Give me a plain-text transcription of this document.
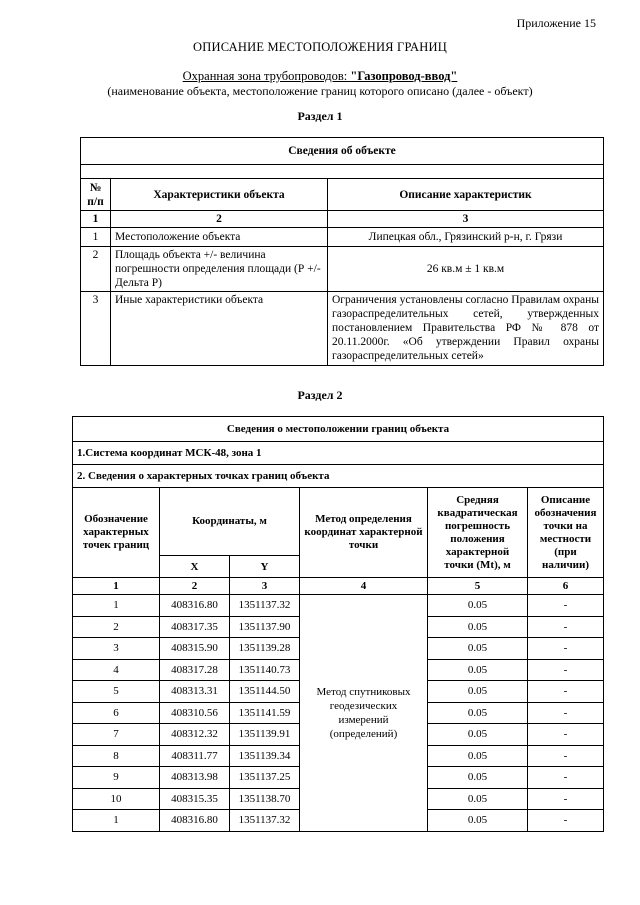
Приложение 15
ОПИСАНИЕ МЕСТОПОЛОЖЕНИЯ ГРАНИЦ
Охранная зона трубопроводов: "Газопровод-ввод"
(наименование объекта, местоположение границ которого описано (далее - объект)
Раздел 1
Сведения об объекте		

№ п/п	Характеристики объекта	Описание характеристик
1	2	3
1	Местоположение объекта	Липецкая обл., Грязинский р-н, г. Грязи
2	Площадь объекта +/- величина погрешности определения площади (Р +/- Дельта Р)	26 кв.м ± 1 кв.м
3	Иные характеристики объекта	Ограничения установлены согласно Правилам охраны газораспределительных сетей, утвержденных постановлением Правительства РФ № 878 от 20.11.2000г. «Об утверждении Правил охраны газораспределительных сетей»
Раздел 2
Сведения о местоположении границ объекта					
1.Система координат МСК-48, зона 1					
2. Сведения о характерных точках границ объекта					
Обозначение характерных точек границ	Координаты, м		Метод определения координат характерной точки	Средняя квадратическая погрешность положения характерной точки (Mt), м	Описание обозначения точки на местности (при наличии)
	X	Y			
1	2	3	4	5	6
1	408316.80	1351137.32	Метод спутниковых геодезических измерений (определений)	0.05	-
2	408317.35	1351137.90		0.05	-
3	408315.90	1351139.28		0.05	-
4	408317.28	1351140.73		0.05	-
5	408313.31	1351144.50		0.05	-
6	408310.56	1351141.59		0.05	-
7	408312.32	1351139.91		0.05	-
8	408311.77	1351139.34		0.05	-
9	408313.98	1351137.25		0.05	-
10	408315.35	1351138.70		0.05	-
1	408316.80	1351137.32		0.05	-
